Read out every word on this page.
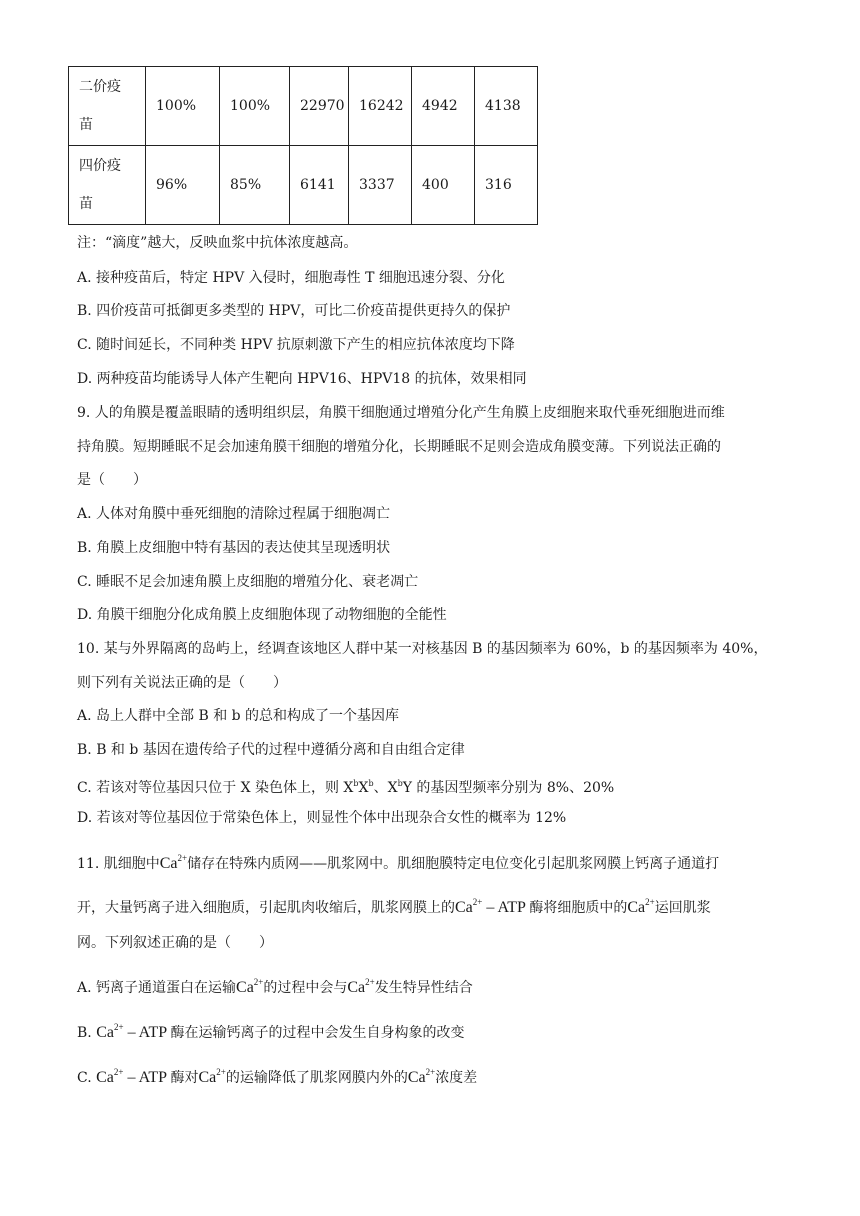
二价疫
苗	100%	100%	22970	16242	4942	4138
四价疫
苗	96%	85%	6141	3337	400	316
注：“滴度”越大，反映血浆中抗体浓度越高。
A. 接种疫苗后，特定 HPV 入侵时，细胞毒性 T 细胞迅速分裂、分化
B. 四价疫苗可抵御更多类型的 HPV，可比二价疫苗提供更持久的保护
C. 随时间延长，不同种类 HPV 抗原刺激下产生的相应抗体浓度均下降
D. 两种疫苗均能诱导人体产生靶向 HPV16、HPV18 的抗体，效果相同
9. 人的角膜是覆盖眼睛的透明组织层，角膜干细胞通过增殖分化产生角膜上皮细胞来取代垂死细胞进而维
持角膜。短期睡眠不足会加速角膜干细胞的增殖分化，长期睡眠不足则会造成角膜变薄。下列说法正确的
是（　　）
A. 人体对角膜中垂死细胞的清除过程属于细胞凋亡
B. 角膜上皮细胞中特有基因的表达使其呈现透明状
C. 睡眠不足会加速角膜上皮细胞的增殖分化、衰老凋亡
D. 角膜干细胞分化成角膜上皮细胞体现了动物细胞的全能性
10. 某与外界隔离的岛屿上，经调查该地区人群中某一对核基因 B 的基因频率为 60%，b 的基因频率为 40%，
则下列有关说法正确的是（　　）
A. 岛上人群中全部 B 和 b 的总和构成了一个基因库
B. B 和 b 基因在遗传给子代的过程中遵循分离和自由组合定律
C. 若该对等位基因只位于 X 染色体上，则 $X^bX^b$、$X^bY$ 的基因型频率分别为 8%、20%
D. 若该对等位基因位于常染色体上，则显性个体中出现杂合女性的概率为 12%
11. 肌细胞中$Ca^{2+}$储存在特殊内质网——肌浆网中。肌细胞膜特定电位变化引起肌浆网膜上钙离子通道打
开，大量钙离子进入细胞质，引起肌肉收缩后，肌浆网膜上的$Ca^{2+}$ – ATP 酶将细胞质中的$Ca^{2+}$运回肌浆
网。下列叙述正确的是（　　）
A. 钙离子通道蛋白在运输$Ca^{2+}$的过程中会与$Ca^{2+}$发生特异性结合
B. $Ca^{2+}$ – ATP 酶在运输钙离子的过程中会发生自身构象的改变
C. $Ca^{2+}$ – ATP 酶对$Ca^{2+}$的运输降低了肌浆网膜内外的$Ca^{2+}$浓度差
